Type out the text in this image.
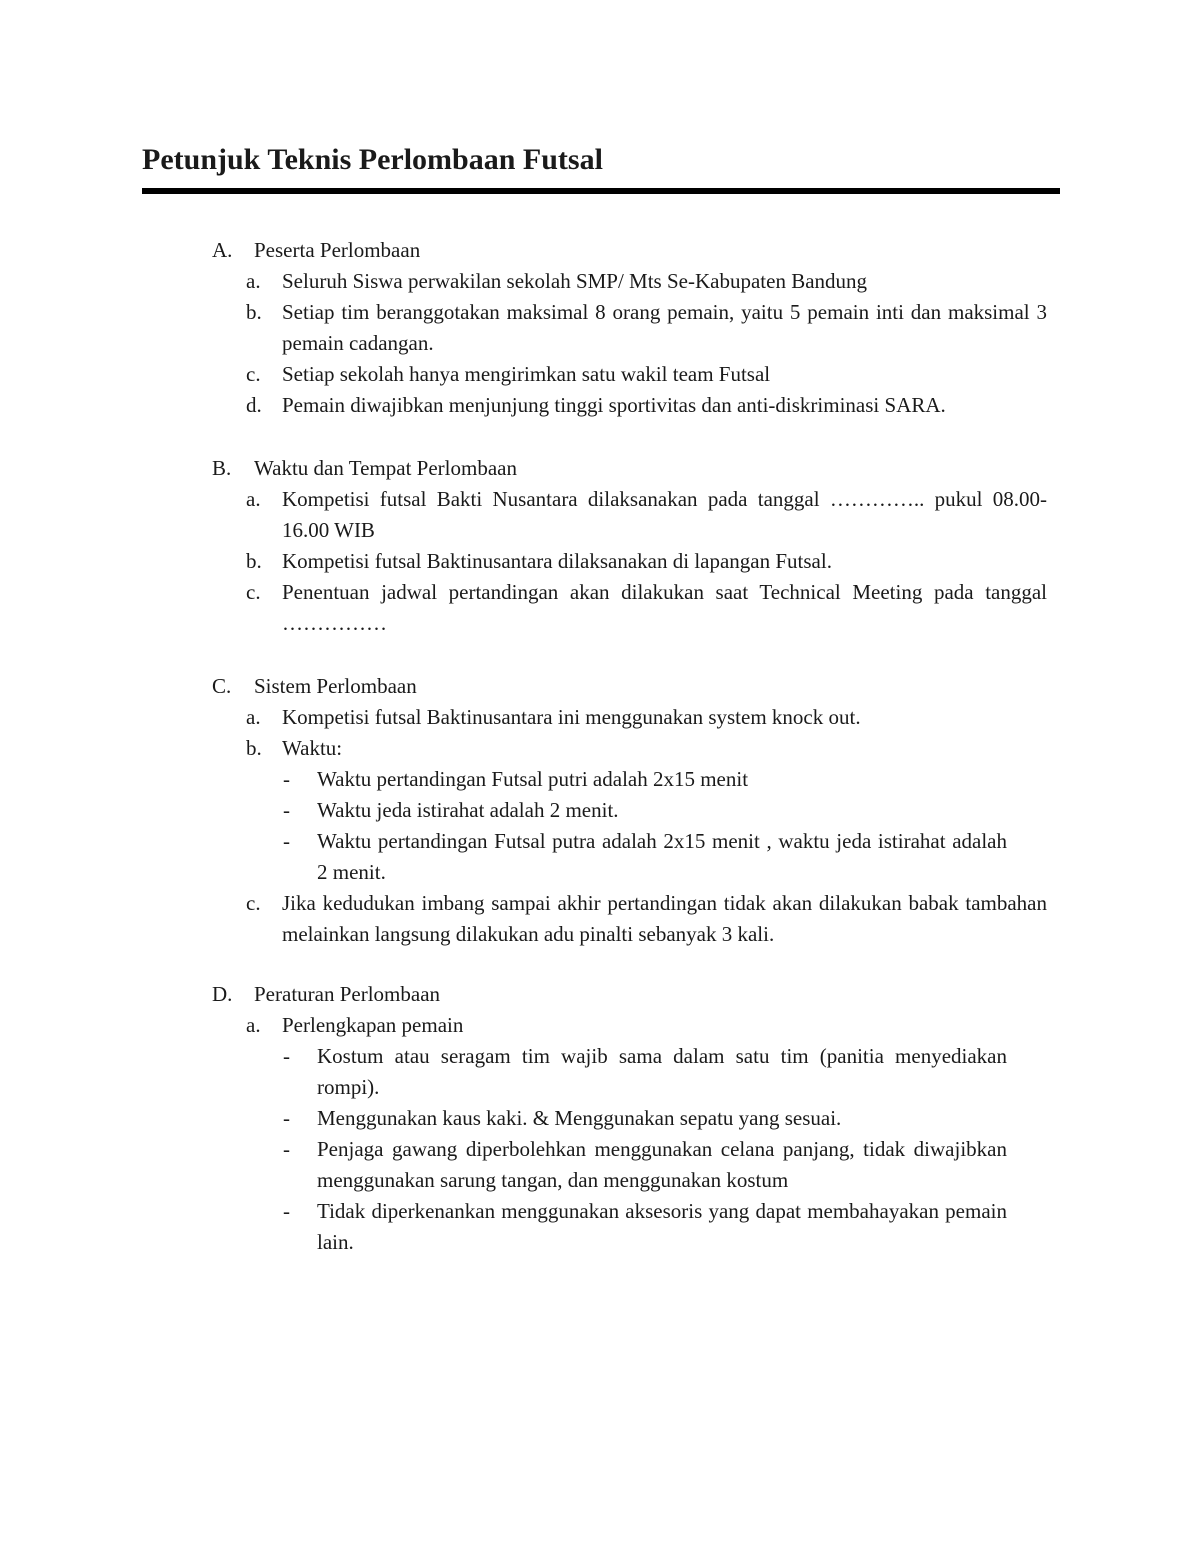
Petunjuk Teknis Perlombaan Futsal
A. Peserta Perlombaan
a. Seluruh Siswa perwakilan sekolah SMP/ Mts Se-Kabupaten Bandung
b. Setiap tim beranggotakan maksimal 8 orang pemain, yaitu 5 pemain inti dan maksimal 3 pemain cadangan.
c. Setiap sekolah hanya mengirimkan satu wakil team Futsal
d. Pemain diwajibkan menjunjung tinggi sportivitas dan anti-diskriminasi SARA.
B. Waktu dan Tempat Perlombaan
a. Kompetisi futsal Bakti Nusantara dilaksanakan pada tanggal ………….. pukul 08.00-16.00 WIB
b. Kompetisi futsal Baktinusantara dilaksanakan di lapangan Futsal.
c. Penentuan jadwal pertandingan akan dilakukan saat Technical Meeting pada tanggal ……………
C. Sistem Perlombaan
a. Kompetisi futsal Baktinusantara ini menggunakan system knock out.
b. Waktu:
- Waktu pertandingan Futsal putri adalah 2x15 menit
- Waktu jeda istirahat adalah 2 menit.
- Waktu pertandingan Futsal putra adalah 2x15 menit , waktu jeda istirahat adalah 2 menit.
c. Jika kedudukan imbang sampai akhir pertandingan tidak akan dilakukan babak tambahan melainkan langsung dilakukan adu pinalti sebanyak 3 kali.
D. Peraturan Perlombaan
a. Perlengkapan pemain
- Kostum atau seragam tim wajib sama dalam satu tim (panitia menyediakan rompi).
- Menggunakan kaus kaki. & Menggunakan sepatu yang sesuai.
- Penjaga gawang diperbolehkan menggunakan celana panjang, tidak diwajibkan menggunakan sarung tangan, dan menggunakan kostum
- Tidak diperkenankan menggunakan aksesoris yang dapat membahayakan pemain lain.
